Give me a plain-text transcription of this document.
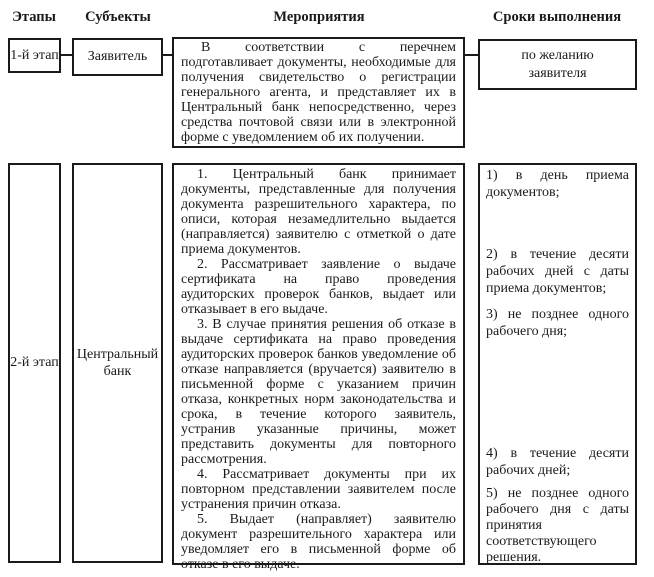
Этапы Субъекты	Мероприятия	Сроки выполнения
1-й этап Заявитель
В соответствии с перечнем подготавливает документы, необходимые для получения свидетельство о регистрации генерального агента, и представляет их в Центральный банк непосредственно, через средства почтовой связи или в электронной форме с уведомлением об их получении.
по желанию заявителя
2-й этап
Центральный банк
1. Центральный банк принимает документы, представленные для получения документа разрешительного характера, по описи, которая незамедлительно выдается (направляется) заявителю с отметкой о дате приема документов.
2. Рассматривает заявление о выдаче сертификата на право проведения аудиторских проверок банков, выдает или отказывает в его выдаче.
3. В случае принятия решения об отказе в выдаче сертификата на право проведения аудиторских проверок банков уведомление об отказе направляется (вручается) заявителю в письменной форме с указанием причин отказа, конкретных норм законодательства и срока, в течение которого заявитель, устранив указанные причины, может представить документы для повторного рассмотрения.
4. Рассматривает документы при их повторном представлении заявителем после устранения причин отказа.
5. Выдает (направляет) заявителю документ разрешительного характера или уведомляет его в письменной форме об отказе в его выдаче.
1) в день приема документов;
2) в течение десяти рабочих дней с даты приема документов;
3) не позднее одного рабочего дня;
4) в течение десяти рабочих дней;
5) не позднее одного рабочего дня с даты принятия соответствующего решения.
